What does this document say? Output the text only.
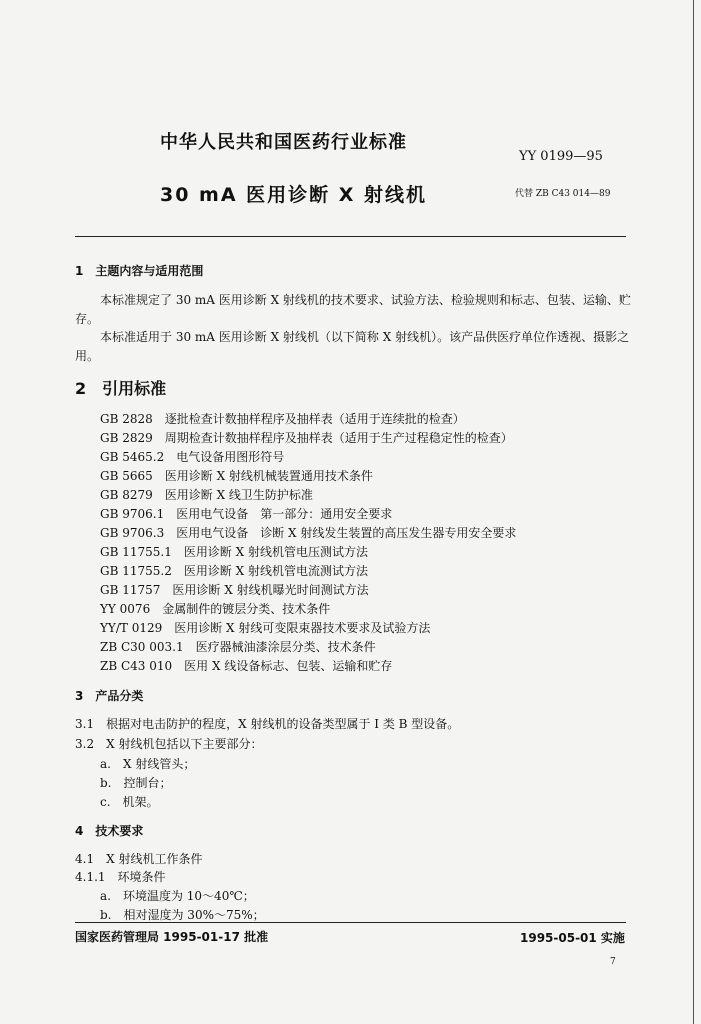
中华人民共和国医药行业标准
YY 0199—95
30 mA 医用诊断 X 射线机	代替 ZB C43 014—89
1　主题内容与适用范围
本标准规定了 30 mA 医用诊断 X 射线机的技术要求、试验方法、检验规则和标志、包装、运输、贮
存。
本标准适用于 30 mA 医用诊断 X 射线机（以下简称 X 射线机）。该产品供医疗单位作透视、摄影之
用。
2　引用标准
GB 2828　逐批检查计数抽样程序及抽样表（适用于连续批的检查）
GB 2829　周期检查计数抽样程序及抽样表（适用于生产过程稳定性的检查）
GB 5465.2　电气设备用图形符号
GB 5665　医用诊断 X 射线机械装置通用技术条件
GB 8279　医用诊断 X 线卫生防护标准
GB 9706.1　医用电气设备　第一部分：通用安全要求
GB 9706.3　医用电气设备　诊断 X 射线发生装置的高压发生器专用安全要求
GB 11755.1　医用诊断 X 射线机管电压测试方法
GB 11755.2　医用诊断 X 射线机管电流测试方法
GB 11757　医用诊断 X 射线机曝光时间测试方法
YY 0076　金属制件的镀层分类、技术条件
YY/T 0129　医用诊断 X 射线可变限束器技术要求及试验方法
ZB C30 003.1　医疗器械油漆涂层分类、技术条件
ZB C43 010　医用 X 线设备标志、包装、运输和贮存
3　产品分类
3.1　根据对电击防护的程度，X 射线机的设备类型属于 I 类 B 型设备。
3.2　X 射线机包括以下主要部分：
a.　X 射线管头；
b.　控制台；
c.　机架。
4　技术要求
4.1　X 射线机工作条件
4.1.1　环境条件
a.　环境温度为 10～40℃；
b.　相对湿度为 30%～75%；
国家医药管理局 1995-01-17 批准	1995-05-01 实施
7
